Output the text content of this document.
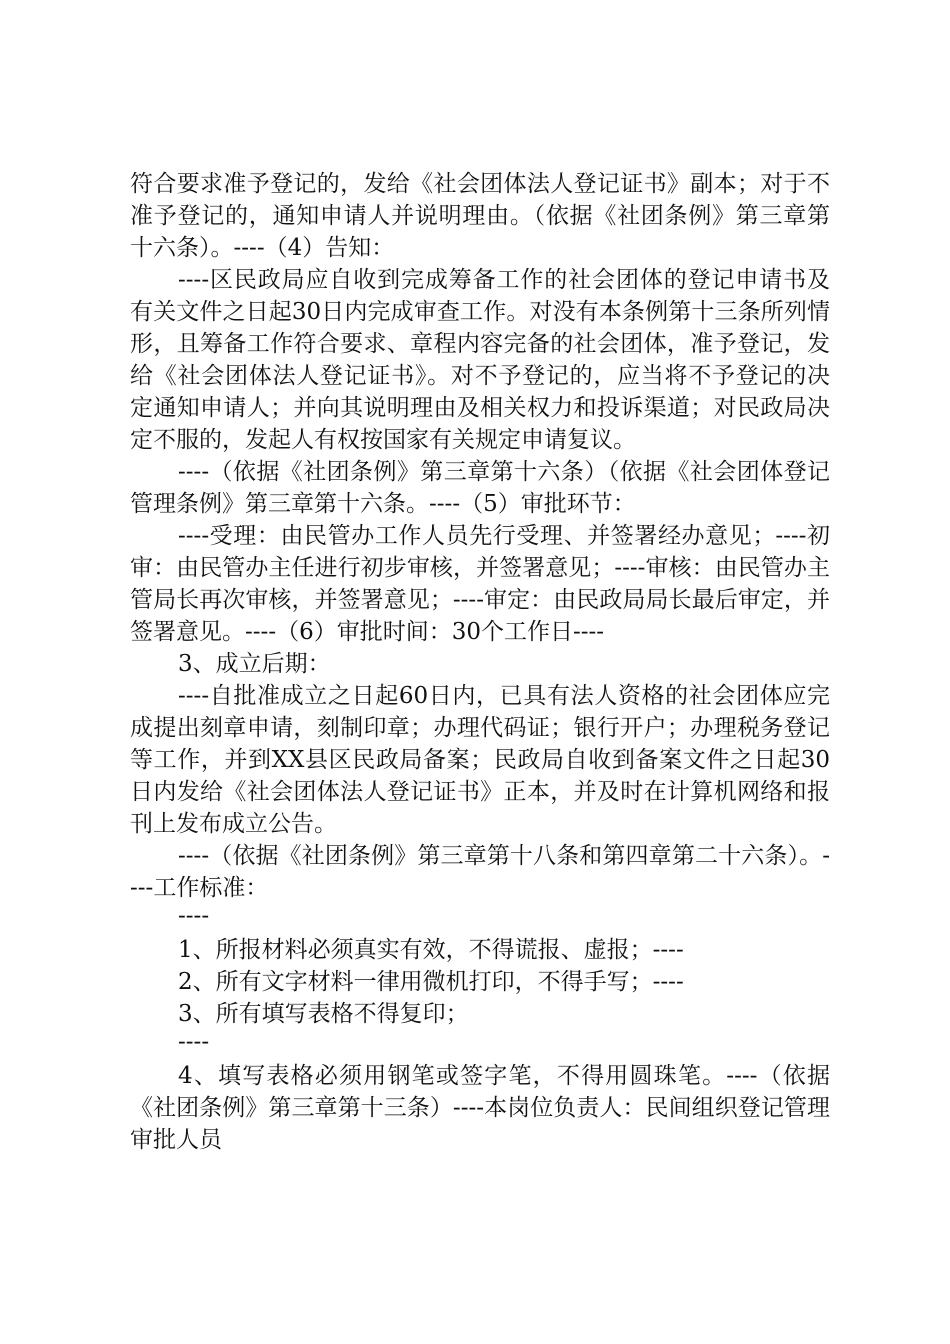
符合要求准予登记的，发给《社会团体法人登记证书》副本；对于不准予登记的，通知申请人并说明理由。（依据《社团条例》第三章第十六条）。----（4）告知：

----区民政局应自收到完成筹备工作的社会团体的登记申请书及有关文件之日起30日内完成审查工作。对没有本条例第十三条所列情形，且筹备工作符合要求、章程内容完备的社会团体，准予登记，发给《社会团体法人登记证书》。对不予登记的，应当将不予登记的决定通知申请人；并向其说明理由及相关权力和投诉渠道；对民政局决定不服的，发起人有权按国家有关规定申请复议。

----（依据《社团条例》第三章第十六条）（依据《社会团体登记管理条例》第三章第十六条。----（5）审批环节：

----受理：由民管办工作人员先行受理、并签署经办意见；----初审：由民管办主任进行初步审核，并签署意见；----审核：由民管办主管局长再次审核，并签署意见；----审定：由民政局局长最后审定，并签署意见。----（6）审批时间：30个工作日----

3、成立后期：

----自批准成立之日起60日内，已具有法人资格的社会团体应完成提出刻章申请，刻制印章；办理代码证；银行开户；办理税务登记等工作，并到XX县区民政局备案；民政局自收到备案文件之日起30日内发给《社会团体法人登记证书》正本，并及时在计算机网络和报刊上发布成立公告。

----（依据《社团条例》第三章第十八条和第四章第二十六条）。----工作标准：

----

1、所报材料必须真实有效，不得谎报、虚报；----

2、所有文字材料一律用微机打印，不得手写；----

3、所有填写表格不得复印；

----

4、填写表格必须用钢笔或签字笔，不得用圆珠笔。----（依据《社团条例》第三章第十三条）----本岗位负责人：民间组织登记管理审批人员
